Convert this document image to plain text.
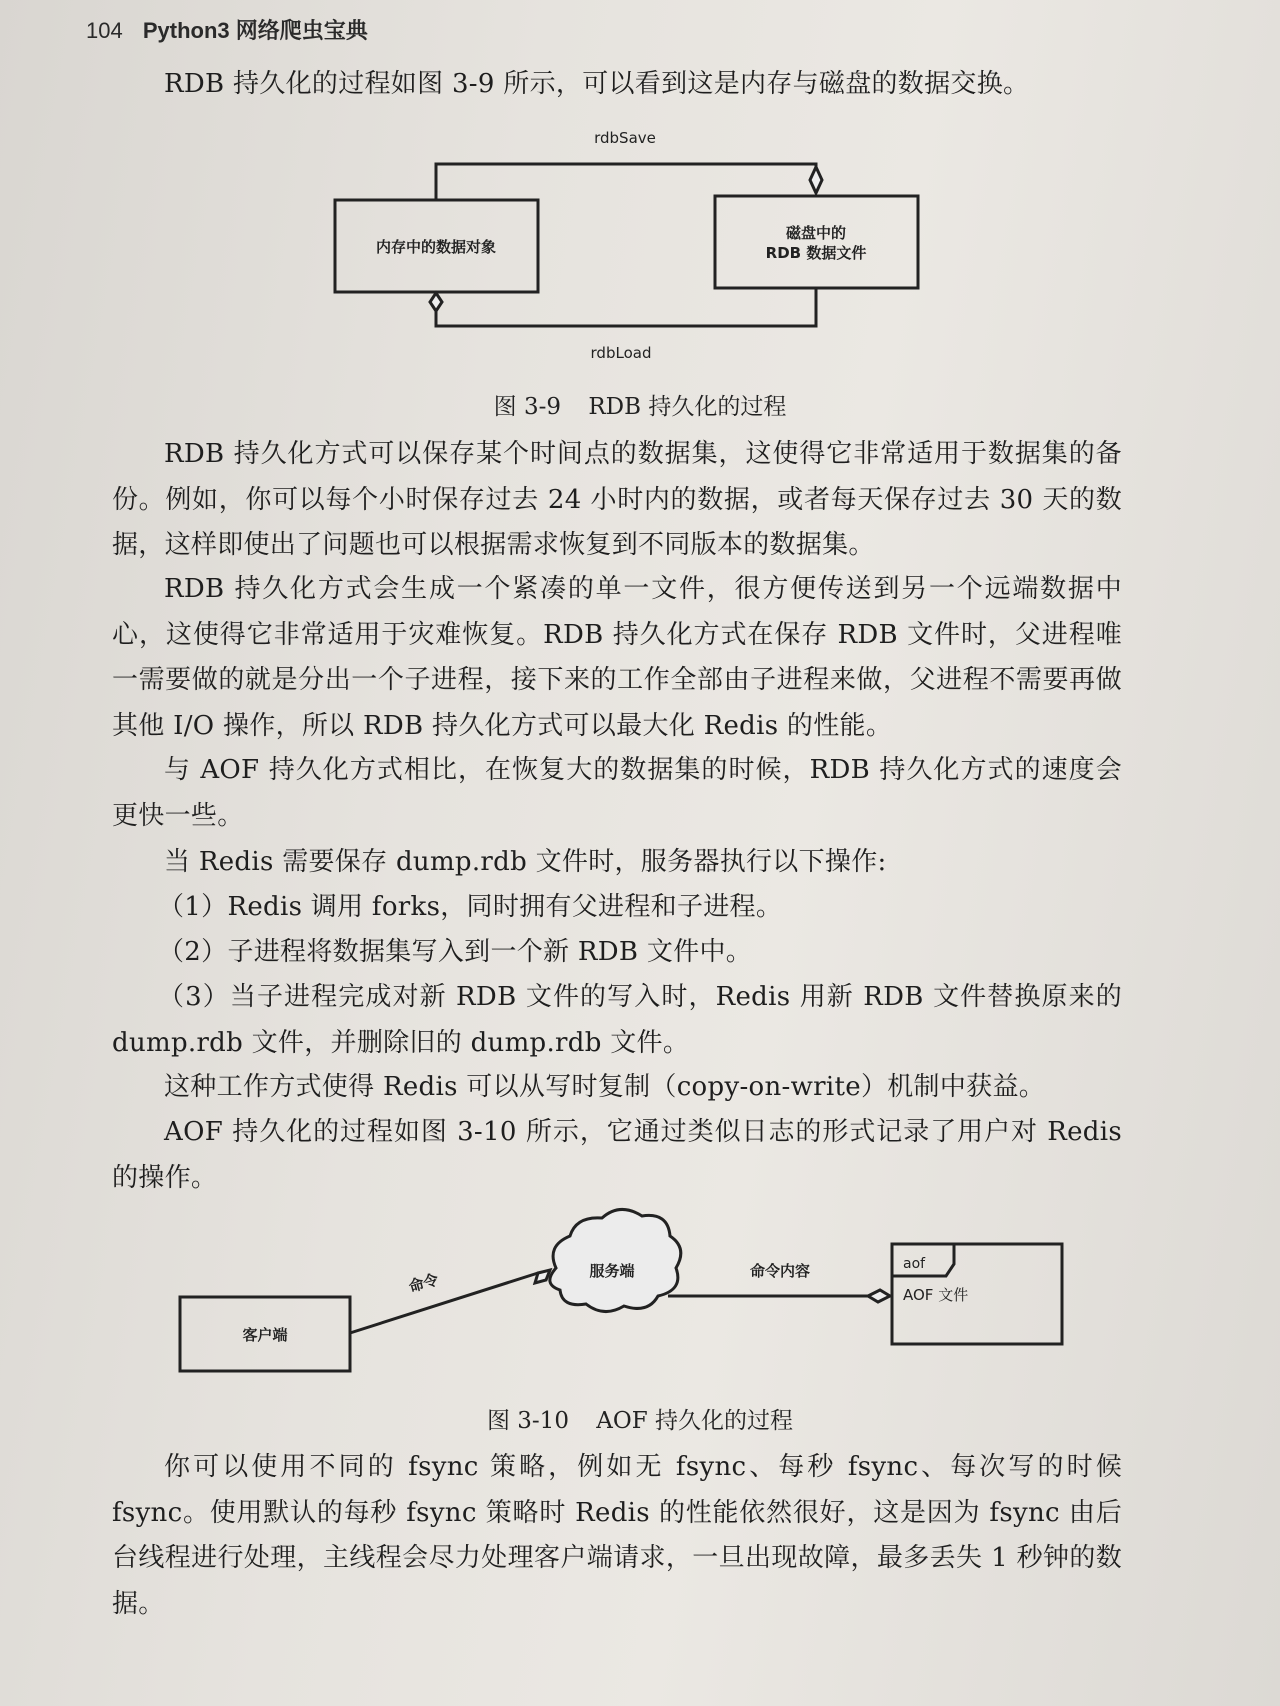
104 Python3 网络爬虫宝典

RDB 持久化的过程如图 3-9 所示，可以看到这是内存与磁盘的数据交换。

rdbSave
rdbLoad
内存中的数据对象
磁盘中的
RDB 数据文件
客户端
命令	服务端	命令内容	aof
AOF 文件
图 3-9 RDB 持久化的过程

RDB 持久化方式可以保存某个时间点的数据集，这使得它非常适用于数据集的备份。例如，你可以每个小时保存过去 24 小时内的数据，或者每天保存过去 30 天的数据，这样即使出了问题也可以根据需求恢复到不同版本的数据集。

RDB 持久化方式会生成一个紧凑的单一文件，很方便传送到另一个远端数据中心，这使得它非常适用于灾难恢复。RDB 持久化方式在保存 RDB 文件时，父进程唯一需要做的就是分出一个子进程，接下来的工作全部由子进程来做，父进程不需要再做其他 I/O 操作，所以 RDB 持久化方式可以最大化 Redis 的性能。

与 AOF 持久化方式相比，在恢复大的数据集的时候，RDB 持久化方式的速度会更快一些。

当 Redis 需要保存 dump.rdb 文件时，服务器执行以下操作:

（1）Redis 调用 forks，同时拥有父进程和子进程。

（2）子进程将数据集写入到一个新 RDB 文件中。

（3）当子进程完成对新 RDB 文件的写入时，Redis 用新 RDB 文件替换原来的 dump.rdb 文件，并删除旧的 dump.rdb 文件。

这种工作方式使得 Redis 可以从写时复制（copy-on-write）机制中获益。

AOF 持久化的过程如图 3-10 所示，它通过类似日志的形式记录了用户对 Redis 的操作。

图 3-10 AOF 持久化的过程

你可以使用不同的 fsync 策略，例如无 fsync、每秒 fsync、每次写的时候 fsync。使用默认的每秒 fsync 策略时 Redis 的性能依然很好，这是因为 fsync 由后台线程进行处理，主线程会尽力处理客户端请求，一旦出现故障，最多丢失 1 秒钟的数据。
